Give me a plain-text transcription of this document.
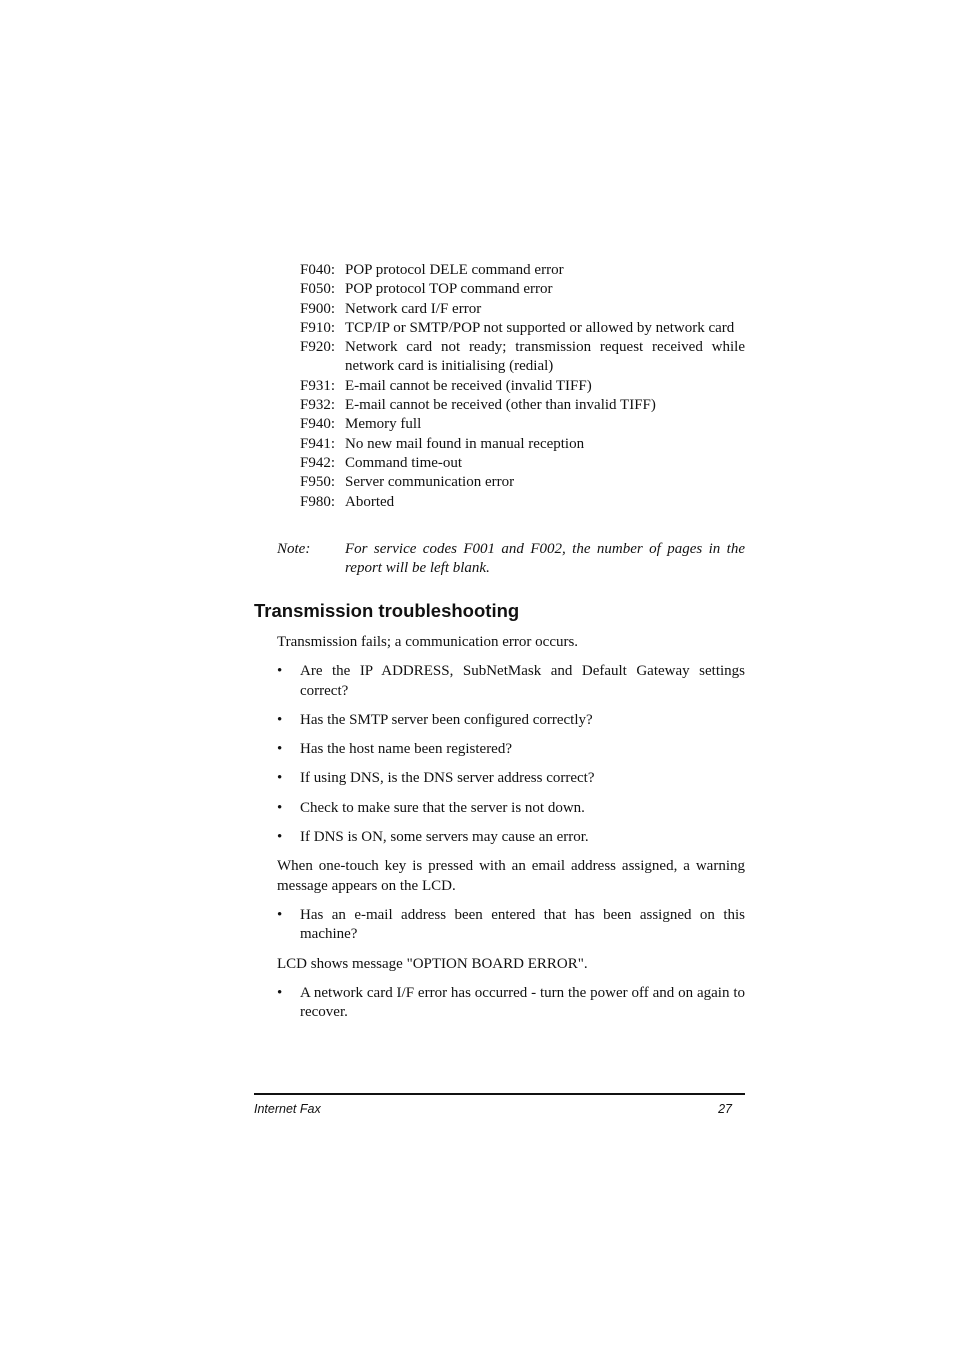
F040: POP protocol DELE command error
F050: POP protocol TOP command error
F900: Network card I/F error
F910: TCP/IP or SMTP/POP not supported or allowed by network card
F920: Network card not ready; transmission request received while network card is initialising (redial)
F931: E-mail cannot be received (invalid TIFF)
F932: E-mail cannot be received (other than invalid TIFF)
F940: Memory full
F941: No new mail found in manual reception
F942: Command time-out
F950: Server communication error
F980: Aborted
Note:	For service codes F001 and F002, the number of pages in the report will be left blank.
Transmission troubleshooting

Transmission fails; a communication error occurs.

•	Are the IP ADDRESS, SubNetMask and Default Gateway settings correct?
•	Has the SMTP server been configured correctly?
•	Has the host name been registered?
•	If using DNS, is the DNS server address correct?
•	Check to make sure that the server is not down.
•	If DNS is ON, some servers may cause an error.

When one-touch key is pressed with an email address assigned, a warning message appears on the LCD.

•	Has an e-mail address been entered that has been assigned on this machine?

LCD shows message "OPTION BOARD ERROR".

•	A network card I/F error has occurred - turn the power off and on again to recover.
Internet Fax	27
